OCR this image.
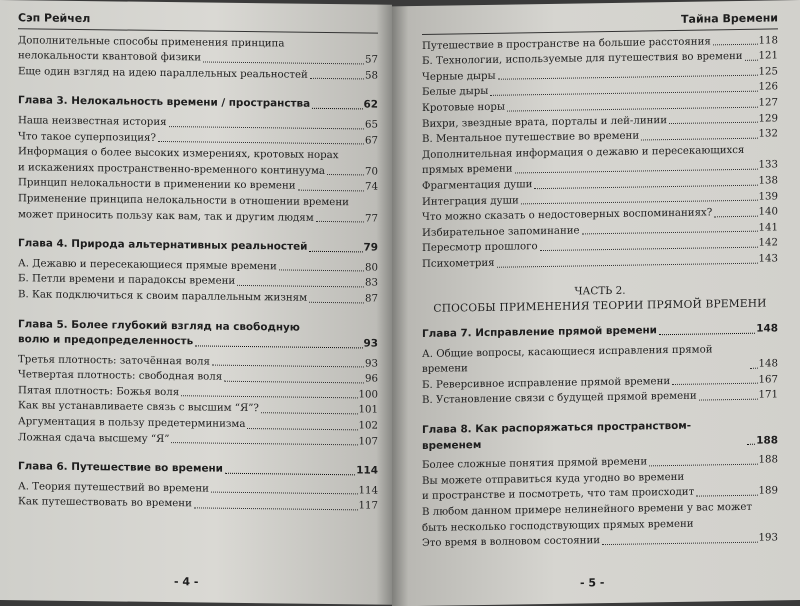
Сэп Рейчел
Дополнительные способы применения принципа
нелокальности квантовой физики	57
Еще один взгляд на идею параллельных реальностей	58
Глава 3. Нелокальность времени / пространства	62
Наша неизвестная история	65
Что такое суперпозиция?	67
Информация о более высоких измерениях, кротовых норах
и искажениях пространственно-временного континуума	70
Принцип нелокальности в применении ко времени	74
Применение принципа нелокальности в отношении времени
может приносить пользу как вам, так и другим людям	77
Глава 4. Природа альтернативных реальностей	79
А. Дежавю и пересекающиеся прямые времени	80
Б. Петли времени и парадоксы времени	83
В. Как подключиться к своим параллельным жизням	87
Глава 5. Более глубокий взгляд на свободную
волю и предопределенность	93
Третья плотность: заточённая воля	93
Четвертая плотность: свободная воля	96
Пятая плотность: Божья воля	100
Как вы устанавливаете связь с высшим “Я”?	101
Аргументация в пользу предетерминизма	102
Ложная сдача высшему “Я”	107
Глава 6. Путешествие во времени	114
А. Теория путешествий во времени	114
Как путешествовать во времени	117
- 4 -
Тайна Времени
Путешествие в пространстве на большие расстояния	118
Б. Технологии, используемые для путешествия во времени 121
Черные дыры	125
Белые дыры	126
Кротовые норы	127
Вихри, звездные врата, порталы и лей-линии	129
В. Ментальное путешествие во времени	132
Дополнительная информация о дежавю и пересекающихся
прямых времени	133
Фрагментация души	138
Интеграция души	139
Что можно сказать о недостоверных воспоминаниях?	140
Избирательное запоминание	141
Пересмотр прошлого	142
Психометрия	143
ЧАСТЬ 2.
СПОСОБЫ ПРИМЕНЕНИЯ ТЕОРИИ ПРЯМОЙ ВРЕМЕНИ
Глава 7. Исправление прямой времени	148
А. Общие вопросы, касающиеся исправления прямой времени	148
Б. Реверсивное исправление прямой времени	167
В. Установление связи с будущей прямой времени	171
Глава 8. Как распоряжаться пространством-временем	188
Более сложные понятия прямой времени	188
Вы можете отправиться куда угодно во времени
и пространстве и посмотреть, что там происходит	189
В любом данном примере нелинейного времени у вас может
быть несколько господствующих прямых времени
Это время в волновом состоянии	193
- 5 -
